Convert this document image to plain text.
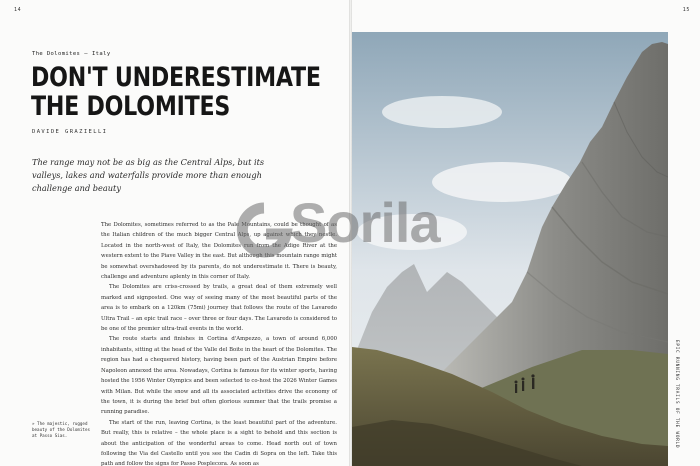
14
The Dolomites — Italy
DON'T UNDERESTIMATE
THE DOLOMITES
DAVIDE GRAZIELLI

The range may not be as big as the Central Alps, but its valleys, lakes and waterfalls provide more than enough challenge and beauty

The Dolomites, sometimes referred to as the Pale Mountains, could be thought of as the Italian children of the much bigger Central Alps, up against which they nestle. Located in the north-west of Italy, the Dolomites run from the Adige River at the western extent to the Piave Valley in the east. But although this mountain range might be somewhat overshadowed by its parents, do not underestimate it. There is beauty, challenge and adventure aplenty in this corner of Italy.

The Dolomites are criss-crossed by trails, a great deal of them extremely well marked and signposted. One way of seeing many of the most beautiful parts of the area is to embark on a 120km (75mi) journey that follows the route of the Lavaredo Ultra Trail – an epic trail race – over three or four days. The Lavaredo is considered to be one of the premier ultra-trail events in the world.

The route starts and finishes in Cortina d'Ampezzo, a town of around 6,000 inhabitants, sitting at the head of the Valle del Boite in the heart of the Dolomites. The region has had a chequered history, having been part of the Austrian Empire before Napoleon annexed the area. Nowadays, Cortina is famous for its winter sports, having hosted the 1956 Winter Olympics and been selected to co-host the 2026 Winter Games with Milan. But while the snow and all its associated activities drive the economy of the town, it is during the brief but often glorious summer that the trails promise a running paradise.

The start of the run, leaving Cortina, is the least beautiful part of the adventure. But really, this is relative – the whole place is a sight to behold and this section is about the anticipation of the wonderful areas to come. Head north out of town following the Via del Castello until you see the Cadin di Sopra on the left. Take this path and follow the signs for Passo Posplecora. As soon as

» The majestic, rugged beauty of the Dolomites at Passo Sias.
15
EPIC RUNNING TRAILS OF THE WORLD
Sorila
